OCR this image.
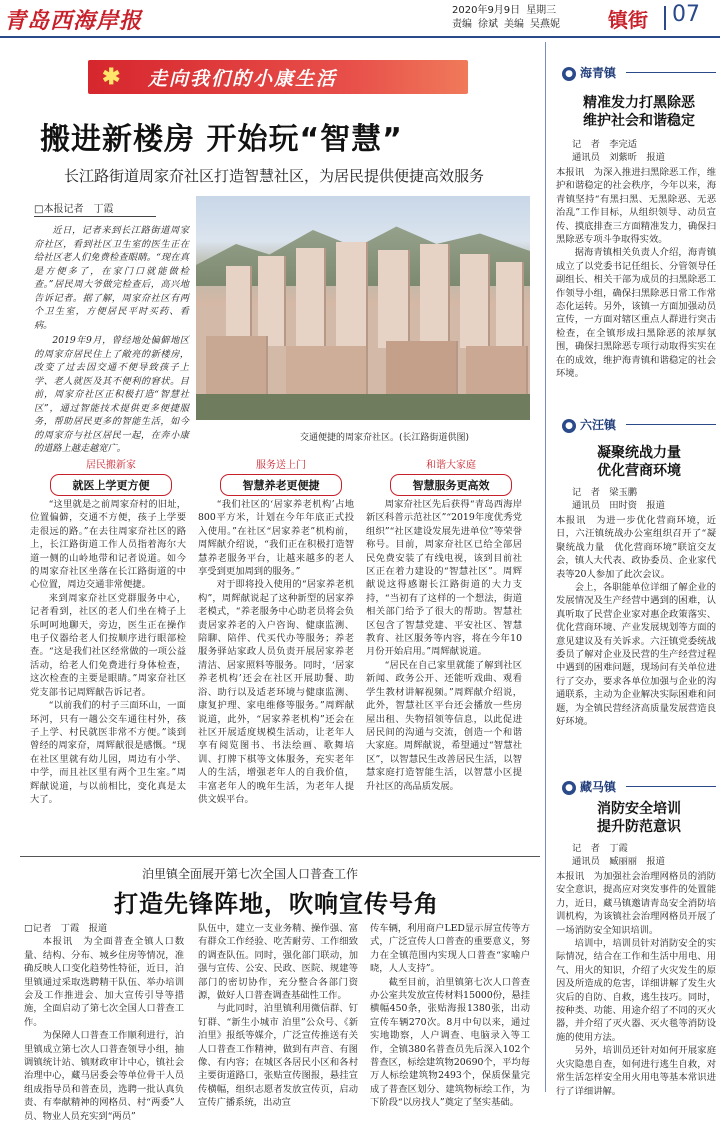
青岛西海岸报	2020年9月9日 星期三
责编 徐斌 美编 吴燕妮	镇街 07
✱ 走向我们的小康生活
搬进新楼房 开始玩“智慧”
长江路街道周家夼社区打造智慧社区，为居民提供便捷高效服务
□本报记者　丁霞
近日，记者来到长江路街道周家夼社区，看到社区卫生室的医生正在给社区老人们免费检查眼睛。“现在真是方便多了，在家门口就能做检查。”居民周大爷做完检查后，高兴地告诉记者。据了解，周家夼社区有两个卫生室，方便居民平时买药、看病。
2019年9月，曾经地处偏僻地区的周家夼居民住上了敞亮的新楼房，改变了过去因交通不便导致孩子上学、老人就医及其不便利的窘状。目前，周家夼社区正积极打造“智慧社区”，通过智能技术提供更多便捷服务，帮助居民更多的智能生活，如今的周家夼与社区居民一起，在奔小康的道路上越走越宽广。
交通便捷的周家夼社区。(长江路街道供图)
居民搬新家
就医上学更方便
服务送上门
智慧养老更便捷
和谐大家庭
智慧服务更高效

“这里就是之前周家夼村的旧址，位置偏僻，交通不方便，孩子上学要走很远的路。”在去往周家夼社区的路上，长江路街道工作人员指着海尔大道一侧的山岭地带和记者说道。如今的周家夼社区坐落在长江路街道的中心位置，周边交通非常便捷。

来到周家夼社区党群服务中心，记者看到，社区的老人们坐在椅子上乐呵呵地聊天，旁边，医生正在操作电子仪器给老人们按顺序进行眼部检查。“这是我们社区经常做的一项公益活动，给老人们免费进行身体检查，这次检查的主要是眼睛。”周家夼社区党支部书记周辉献告诉记者。

“以前我们的村子三面环山，一面环河，只有一趟公交车通往村外，孩子上学、村民就医非常不方便。”谈到曾经的周家夼，周辉献很是感慨。“现在社区里就有幼儿园，周边有小学、中学，而且社区里有两个卫生室。”周辉献说道，与以前相比，变化真是太大了。

“我们社区的‘居家养老机构’占地800平方米，计划在今年年底正式投入使用。”在社区“居家养老”机构前，周辉献介绍说，“我们正在积极打造智慧养老服务平台，让越来越多的老人享受到更加周到的服务。”

对于即将投入使用的“居家养老机构”，周辉献说起了这种新型的居家养老模式，“养老服务中心助老员将会负责居家养老的入户咨询、健康监测、陪聊、陪伴、代买代办等服务；养老服务驿站家政人员负责开展居家养老清洁、居家照料等服务。同时，‘居家养老机构’还会在社区开展助餐、助浴、助行以及适老环境与健康监测、康复护理、家电维修等服务。”周辉献说道，此外，“居家养老机构”还会在社区开展适度规模生活动，让老年人享有阅览图书、书法绘画、歌舞培训、打牌下棋等文体服务，充实老年人的生活，增强老年人的自我价值，丰富老年人的晚年生活，为老年人提供文娱平台。

周家夼社区先后获得“青岛西海岸新区科普示范社区”“2019年度优秀党组织”“社区建设发展先进单位”等荣誉称号。目前，周家夼社区已给全部居民免费安装了有线电视，该到目前社区正在着力建设的“智慧社区”。周辉献说这得感谢长江路街道的大力支持，“当初有了这样的一个想法，街道相关部门给予了很大的帮助。智慧社区包含了智慧党建、平安社区、智慧教育、社区服务等内容，将在今年10月份开始启用。”周辉献说道。

“居民在自己家里就能了解到社区新闻、政务公开、还能听戏曲、观看学生教材讲解视频。”周辉献介绍说，此外，智慧社区平台还会播放一些房屋出租、失物招领等信息，以此促进居民间的沟通与交流，创造一个和谐大家庭。周辉献说，希望通过“智慧社区”，以智慧民生改善居民生活，以智慧家庭打造智能生活，以智慧小区提升社区的高品质发展。

泊里镇全面展开第七次全国人口普查工作
打造先锋阵地，吹响宣传号角

□记者　丁霞　报道

本报讯　为全面普查全镇人口数量、结构、分布、城乡住房等情况，准确反映人口变化趋势性特征，近日，泊里镇通过采取选聘精干队伍、举办培训会及工作推进会、加大宣传引导等措施，全面启动了第七次全国人口普查工作。

为保障人口普查工作顺利进行，泊里镇成立第七次人口普查领导小组，抽调镇统计站、镇财政审计中心，镇社会治理中心，藏马居委会等单位骨干人员组成指导员和普查员，选聘一批认真负责、有奉献精神的网格员、村“两委”人员、物业人员充实到“两员”

队伍中，建立一支业务精、操作强、富有群众工作经验、吃苦耐劳、工作细致的调查队伍。同时，强化部门联动，加强与宣传、公安、民政、医院、规建等部门的密切协作，充分整合各部门资源，做好人口普查调查基础性工作。

与此同时，泊里镇利用微信群、钉钉群、“新生小城市 泊里”公众号、《新泊里》报纸等媒介，广泛宣传推送有关人口普查工作精神，做到有声音、有图像、有内容；在城区各居民小区和各村主要街道路口，张贴宣传图报，悬挂宣传横幅，组织志愿者发放宣传页，启动宣传广播系统，出动宣

传车辆，利用商户LED显示屏宣传等方式，广泛宣传人口普查的重要意义，努力在全镇范围内实现人口普查“家喻户晓，人人支持”。

截至目前，泊里镇第七次人口普查办公室共发放宣传材料15000份，悬挂横幅450条，张贴海报1380张，出动宣传车辆270次。8月中旬以来，通过实地勘察，人户调查、电脑录入等工作，全镇380名普查员先后深入102个普查区，标绘建筑物20690个，平均每万人标绘建筑物2493个，保质保量完成了普查区划分、建筑物标绘工作，为下阶段“以房找人”奠定了坚实基础。

● 海青镇
精准发力打黑除恶
维护社会和谐稳定
记　者　李完适
通讯员　刘紫昕　报道

本报讯　为深入推进扫黑除恶工作，维护和谐稳定的社会秩序，今年以来，海青镇坚持“有黑扫黑、无黑除恶、无恶治乱”工作目标，从组织领导、动员宣传、摸底排查三方面精准发力，确保扫黑除恶专项斗争取得实效。

据海青镇相关负责人介绍，海青镇成立了以党委书记任组长、分管领导任副组长、相关干部为成员的扫黑除恶工作领导小组，确保扫黑除恶日常工作常态化运转。另外，该镇一方面加强动员宣传，一方面对辖区重点人群进行突击检查，在全镇形成扫黑除恶的浓厚氛围，确保扫黑除恶专项行动取得实实在在的成效，维护海青镇和谐稳定的社会环境。

● 六汪镇
凝聚统战力量
优化营商环境
记　者　梁玉鹏
通讯员　田时资　报道

本报讯　为进一步优化营商环境，近日，六汪镇统战办公室组织召开了“凝聚统战力量　优化营商环境”联谊交友会，镇人大代表、政协委员、企业家代表等20人参加了此次会议。

会上，各职能单位详细了解企业的发展情况及生产经营中遇到的困难，认真听取了民营企业家对惠企政策落实、优化营商环境、产业发展规划等方面的意见建议及有关诉求。六汪镇党委统战委员了解对企业及民营的生产经营过程中遇到的困难问题，现场问有关单位进行了交办，要求各单位加强与企业的沟通联系，主动为企业解决实际困难和问题，为全镇民营经济高质量发展营造良好环境。

● 藏马镇
消防安全培训
提升防范意识
记　者　丁霞
通讯员　臧丽丽　报道

本报讯　为加强社会治理网格员的消防安全意识，提高应对突发事件的处置能力，近日，藏马镇邀请青岛安全消防培训机构，为该镇社会治理网格员开展了一场消防安全知识培训。

培训中，培训员针对消防安全的实际情况，结合在工作和生活中用电、用气、用火的知识，介绍了火灾发生的原因及所造成的危害，详细讲解了发生火灾后的自防、自救，逃生技巧。同时，按种类、功能、用途介绍了不同的灭火器，并介绍了灭火器、灭火毯等消防设施的使用方法。

另外，培训员还针对如何开展家庭火灾隐患自查，如何进行逃生自救，对常生活怎样安全用火用电等基本常识进行了详细讲解。
